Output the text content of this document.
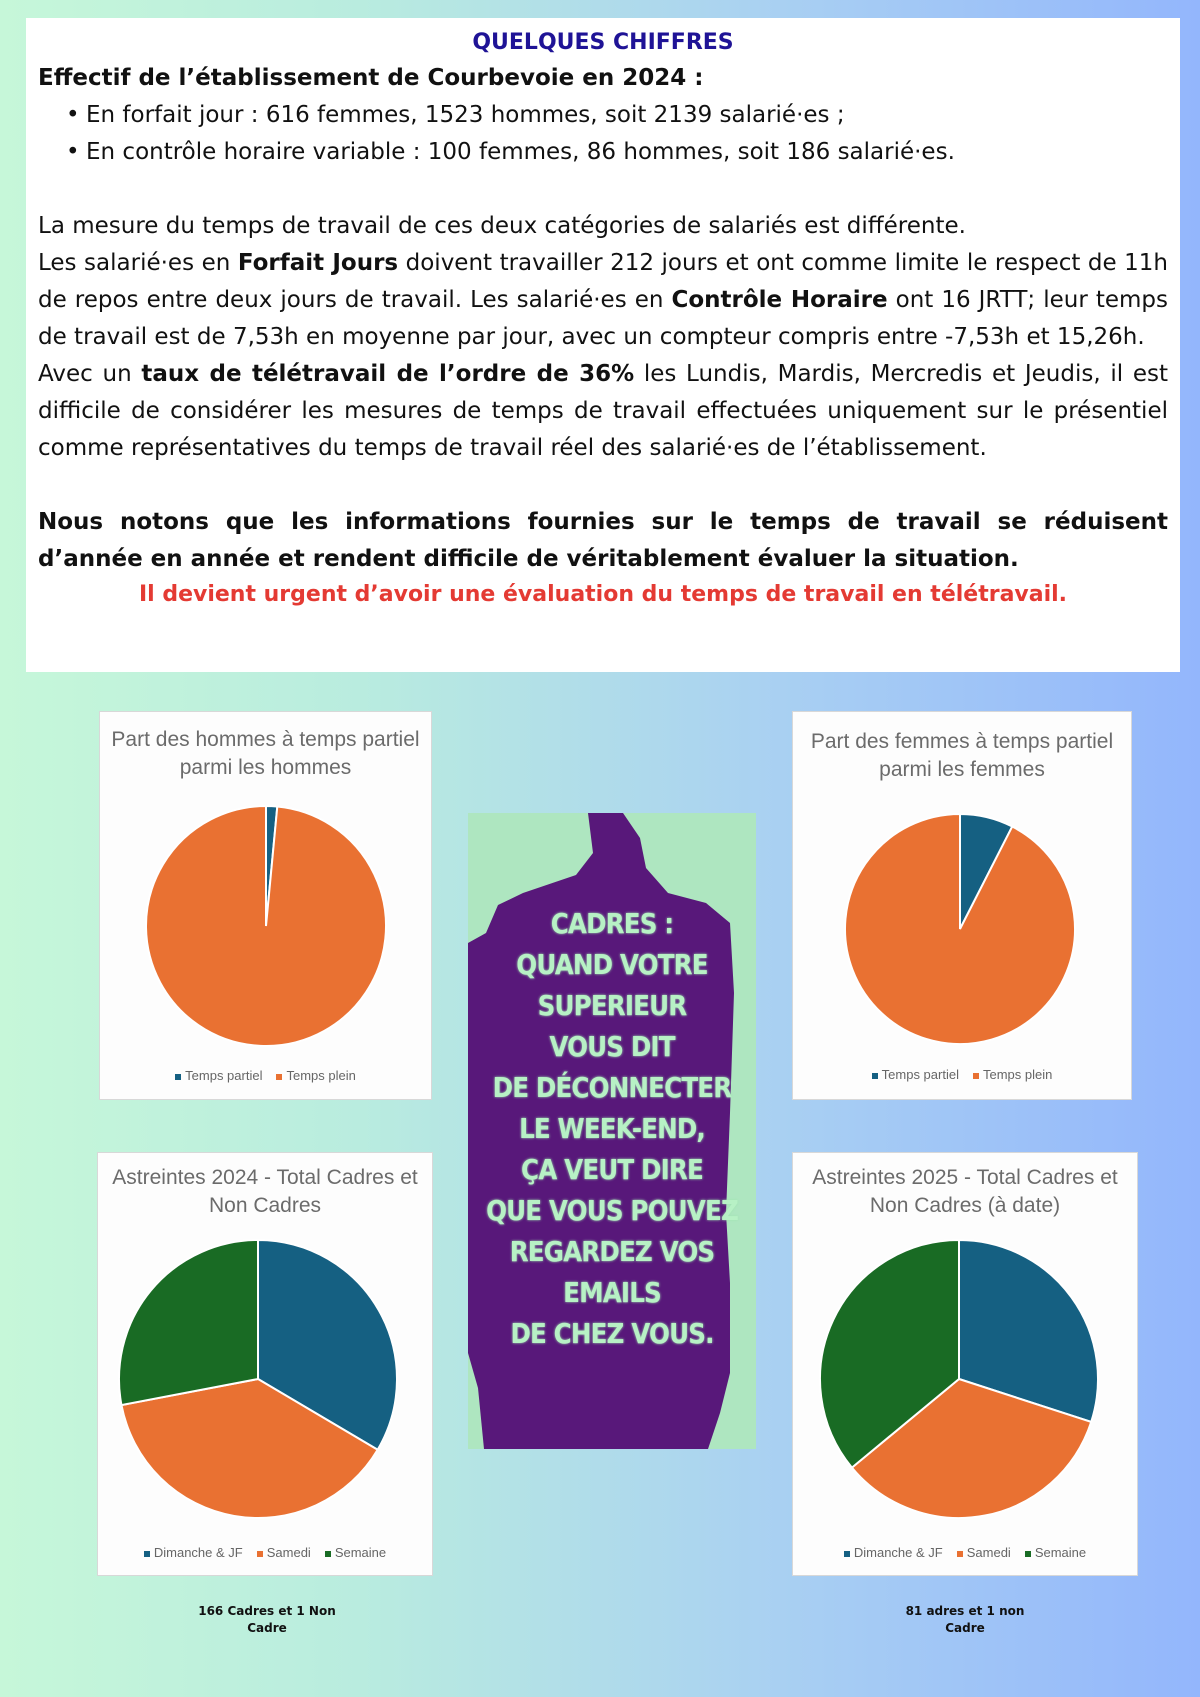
QUELQUES CHIFFRES

Effectif de l’établissement de Courbevoie en 2024 :

• En forfait jour : 616 femmes, 1523 hommes, soit 2139 salarié·es ;
• En contrôle horaire variable : 100 femmes, 86 hommes, soit 186 salarié·es.

La mesure du temps de travail de ces deux catégories de salariés est différente.

Les salarié·es en Forfait Jours doivent travailler 212 jours et ont comme limite le respect de 11h de repos entre deux jours de travail. Les salarié·es en Contrôle Horaire ont 16 JRTT; leur temps de travail est de 7,53h en moyenne par jour, avec un compteur compris entre -7,53h et 15,26h.

Avec un taux de télétravail de l’ordre de 36% les Lundis, Mardis, Mercredis et Jeudis, il est difficile de considérer les mesures de temps de travail effectuées uniquement sur le présentiel comme représentatives du temps de travail réel des salarié·es de l’établissement.

Nous notons que les informations fournies sur le temps de travail se réduisent d’année en année et rendent difficile de véritablement évaluer la situation.

Il devient urgent d’avoir une évaluation du temps de travail en télétravail.

Part des hommes à temps partiel
parmi les hommes
Temps partiel Temps plein
Part des femmes à temps partiel
parmi les femmes
Temps partiel Temps plein
Astreintes 2024 - Total Cadres et
Non Cadres
Dimanche & JF Samedi Semaine
Astreintes 2025 - Total Cadres et
Non Cadres (à date)
Dimanche & JF Samedi Semaine
CADRES :
QUAND VOTRE
SUPERIEUR
VOUS DIT
DE DÉCONNECTER
LE WEEK-END,
ÇA VEUT DIRE
QUE VOUS POUVEZ
REGARDEZ VOS
EMAILS
DE CHEZ VOUS.
166 Cadres et 1 Non
Cadre
81 adres et 1 non
Cadre
